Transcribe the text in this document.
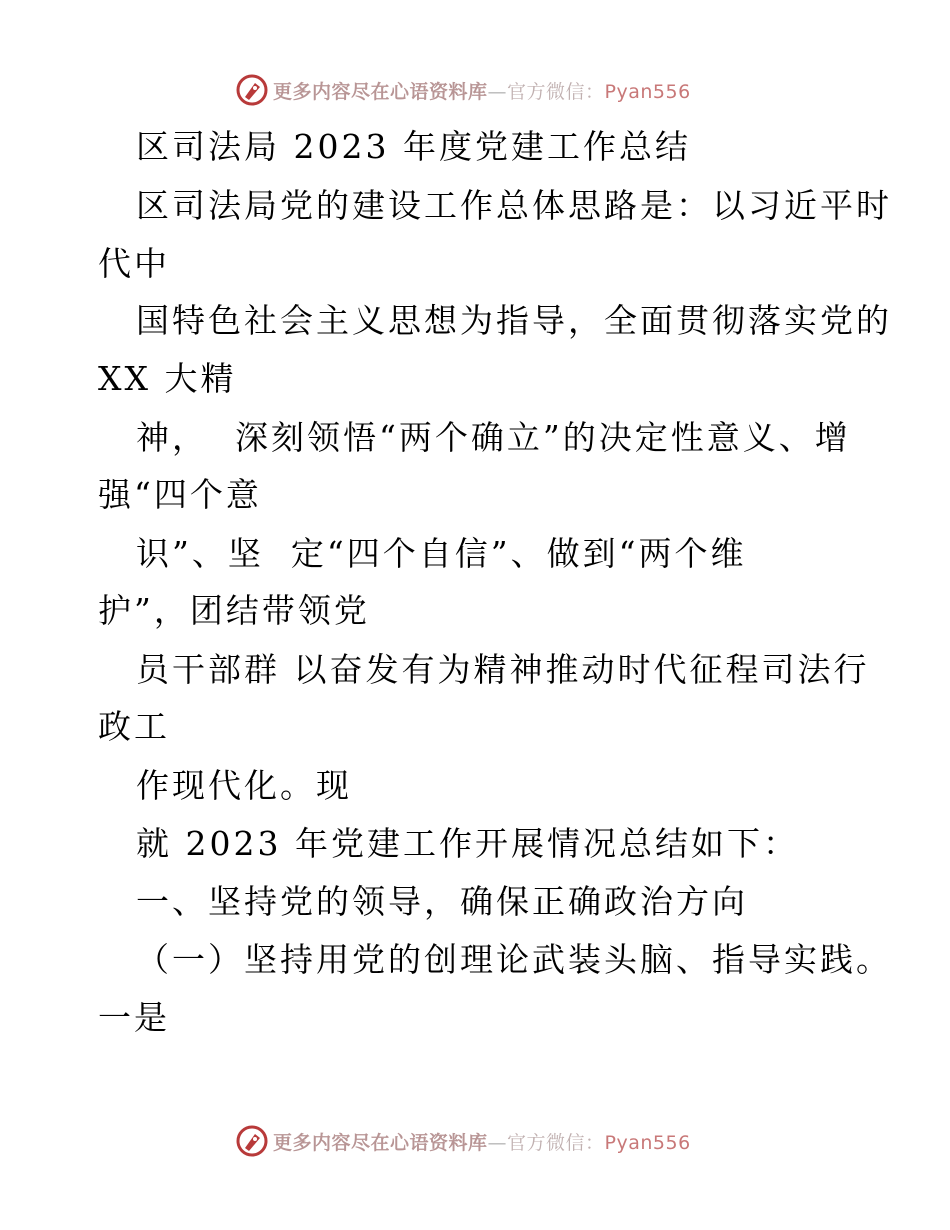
更多内容尽在心语资料库—官方微信：Pyan556
区司法局 2023 年度党建工作总结
区司法局党的建设工作总体思路是：以习近平时
代中
国特色社会主义思想为指导，全面贯彻落实党的
XX 大精
神，  深刻领悟“两个确立”的决定性意义、增
强“四个意
识”、坚  定“四个自信”、做到“两个维
护”，团结带领党
员干部群 以奋发有为精神推动时代征程司法行
政工
作现代化。现
就 2023 年党建工作开展情况总结如下：
一、坚持党的领导，确保正确政治方向
（一）坚持用党的创理论武装头脑、指导实践。
一是
更多内容尽在心语资料库—官方微信：Pyan556
